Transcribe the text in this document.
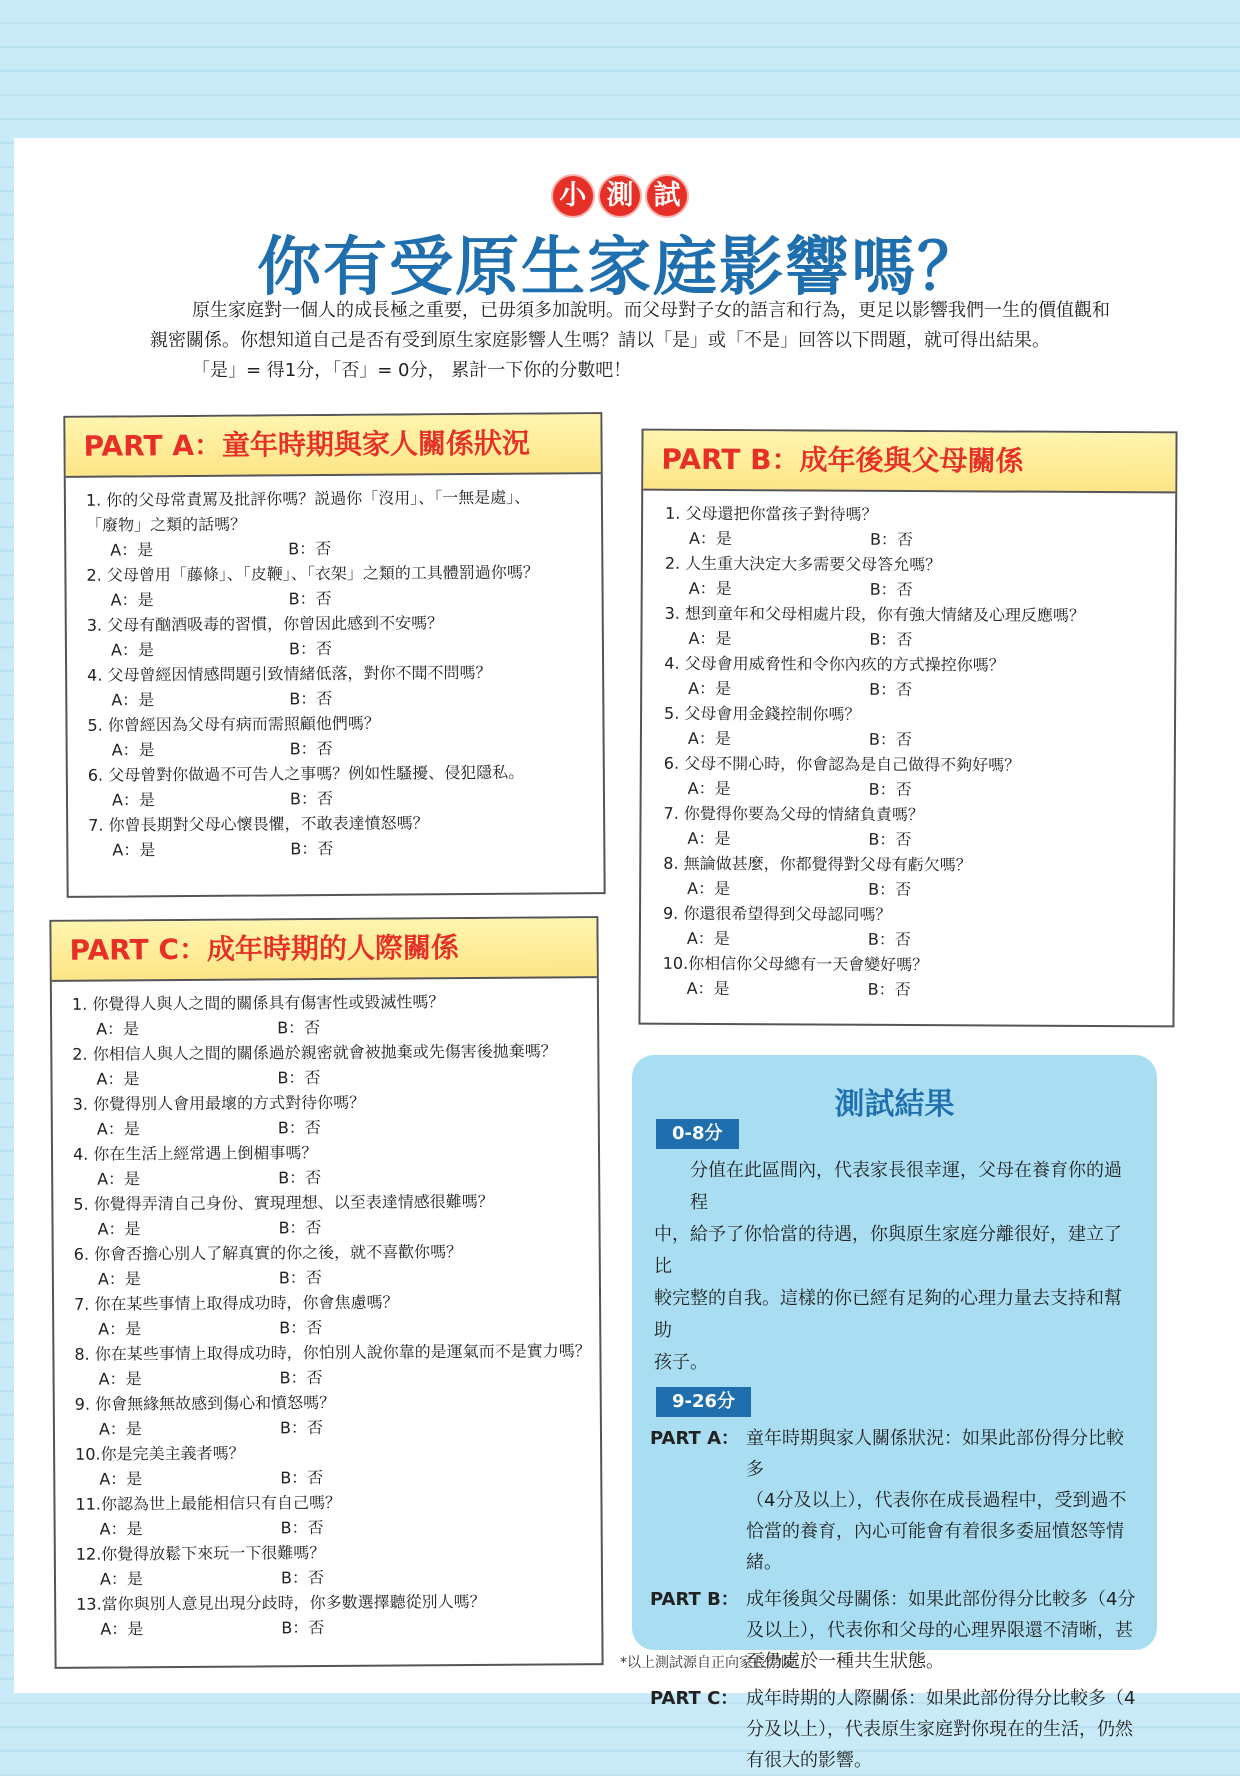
小 測 試
你有受原生家庭影響嗎？

原生家庭對一個人的成長極之重要，已毋須多加說明。而父母對子女的語言和行為，更足以影響我們一生的價值觀和

親密關係。你想知道自己是否有受到原生家庭影響人生嗎？請以「是」或「不是」回答以下問題，就可得出結果。

「是」= 得1分，「否」= 0分， 累計一下你的分數吧！

PART A：童年時期與家人關係狀況

1. 你的父母常責罵及批評你嗎？説過你「沒用」、「一無是處」、

「廢物」之類的話嗎？

A：是	B：否

2. 父母曾用「藤條」、「皮鞭」、「衣架」之類的工具體罰過你嗎？

A：是	B：否

3. 父母有酗酒吸毒的習慣，你曾因此感到不安嗎？

A：是	B：否

4. 父母曾經因情感問題引致情緒低落，對你不聞不問嗎？

A：是	B：否

5. 你曾經因為父母有病而需照顧他們嗎？

A：是	B：否

6. 父母曾對你做過不可告人之事嗎？例如性騷擾、侵犯隱私。

A：是	B：否

7. 你曾長期對父母心懷畏懼，不敢表達憤怒嗎？

A：是	B：否
PART B：成年後與父母關係

1. 父母還把你當孩子對待嗎？

A：是	B：否

2. 人生重大決定大多需要父母答允嗎？

A：是	B：否

3. 想到童年和父母相處片段，你有強大情緒及心理反應嗎？

A：是	B：否

4. 父母會用威脅性和令你內疚的方式操控你嗎？

A：是	B：否

5. 父母會用金錢控制你嗎？

A：是	B：否

6. 父母不開心時，你會認為是自己做得不夠好嗎？

A：是	B：否

7. 你覺得你要為父母的情緒負責嗎？

A：是	B：否

8. 無論做甚麼，你都覺得對父母有虧欠嗎？

A：是	B：否

9. 你還很希望得到父母認同嗎？

A：是	B：否

10.你相信你父母總有一天會變好嗎？

A：是	B：否
PART C：成年時期的人際關係

1. 你覺得人與人之間的關係具有傷害性或毀滅性嗎？

A：是	B：否

2. 你相信人與人之間的關係過於親密就會被拋棄或先傷害後拋棄嗎？

A：是	B：否

3. 你覺得別人會用最壞的方式對待你嗎？

A：是	B：否

4. 你在生活上經常遇上倒楣事嗎？

A：是	B：否

5. 你覺得弄清自己身份、實現理想、以至表達情感很難嗎？

A：是	B：否

6. 你會否擔心別人了解真實的你之後，就不喜歡你嗎？

A：是	B：否

7. 你在某些事情上取得成功時，你會焦慮嗎？

A：是	B：否

8. 你在某些事情上取得成功時，你怕別人說你靠的是運氣而不是實力嗎？

A：是	B：否

9. 你會無緣無故感到傷心和憤怒嗎？

A：是	B：否

10.你是完美主義者嗎？

A：是	B：否

11.你認為世上最能相信只有自己嗎？

A：是	B：否

12.你覺得放鬆下來玩一下很難嗎？

A：是	B：否

13.當你與別人意見出現分歧時，你多數選擇聽從別人嗎？

A：是	B：否
測試結果
0-8分
分值在此區間內，代表家長很幸運，父母在養育你的過程
中，給予了你恰當的待遇，你與原生家庭分離很好，建立了比
較完整的自我。這樣的你已經有足夠的心理力量去支持和幫助
孩子。
9-26分
PART A： 童年時期與家人關係狀況：如果此部份得分比較多
（4分及以上），代表你在成長過程中，受到過不
恰當的養育，內心可能會有着很多委屈憤怒等情
緒。
PART B： 成年後與父母關係：如果此部份得分比較多（4分
及以上），代表你和父母的心理界限還不清晰，甚
至仍處於一種共生狀態。
PART C： 成年時期的人際關係：如果此部份得分比較多（4
分及以上），代表原生家庭對你現在的生活，仍然
有很大的影響。
*以上測試源自正向家長學院
